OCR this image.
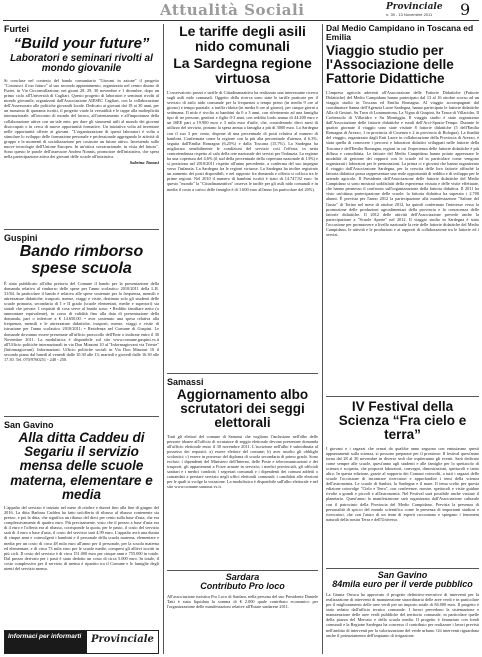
Attualità Sociali	Provinciale
n. 39 - 13 Novembre 2011 9
Furtei
“Build your future”
Laboratori e seminari rivolti al mondo giovanile
Si concluse nel contesto del bando comunitario "Giovani in azione" il progetto "Costruisci il tuo futuro" al suo secondo appuntamento, organizzato nel centro diurno di Furtei, in Via Circonvallazione, nei giorni 28, 29, 30 novembre e 1 dicembre, dopo un primo ciclo all'Università di Cagliari. Questo progetto di laboratori e seminari rivolti al mondo giovanile, organizzati dall'Associazione AIESEC Cagliari, con la collaborazione dell'Assessorato alle politiche giovanili locale. Dedicato ai giovani dai 18 ai 30 anni, per un massimo di quaranta iscritti, il progetto vuole la versatilità e le tappe alla molteplicità internazionale, all'incontro di mondo del lavoro, all'orientamento e all'importanza della collaborazione attiva con un tale ente, per dare gli strumenti utili al mondo dei giovani disoccupati o in cerca di nuove opportunità formative. Un iniziativa volta ad inventare nelle opportunità offerte ai giovani. "L'organizzazione di questi laboratori è volta a stimolare lo sviluppo delle formazione personale e professionale aggregando le attività di gruppo e la momenti di socializzazione per costruire un futuro attivo. Investendo sulle nuove tecnologie dell'Unione Europea. In un'ottica sovrarazionale, in vista del futuro". Sono questo le parole dell'assessore Andrea Nonnis, promotore dell'iniziativa, che spera nella partecipazione attiva dei giovani delle scuole all'iniziativa.
Sabrina Tomasi
Guspini
Bando rimborso spese scuola
È stato pubblicato all'albo pretorio del Comune il bando per la presentazione della domanda relativa al rimborso delle spese per l'anno scolastico 2010/2011 della L.R. 31/84. In particolare il bando è relativo alle spese sostenute per la frequenza, mensili e attrezzature didattiche, trasporti, mense, viaggi e visite, destinato solo gli studenti delle scuole primaria, secondaria di I e II grado (scuole elementari, medie e superiori) sia statali che private. I requisiti di cosa serve al bando sono: • Reddito familiare netto (o ammontare equivalente), in corso di validità fino alla data di presentazione della domanda, pari o inferiore a € 14.650,00. • aver sostenuto una spesa relativa alla frequenza, mensili e le attrezzature didattiche, trasporti, mense, viaggi e visite di istruzione per l'anno scolastico 2010/2011; • Residenza nel Comune di Guspini. Le domande dovranno essere presentate all'ufficio protocollo dell'Ente o inoltrate entro il 30 Novembre 2011. La modulistica è disponibile sul sito www.comune.guspini.vs.it all'Ufficio politiche internazionali in via Don Minzoni 10 al "Informagiovani via Trieste" (Informagiovani). Informazioni: Ufficio politiche sociali in Via Don Minzoni 10 il secondo piano dal lunedì al venerdì dalle 10.30 alle 13; martedì e giovedì dalle 16.30 alle 17.30. Tel. 070/9760251 - 248 - 250.
San Gavino
Alla ditta Caddeu di Segariu il servizio mensa delle scuole materna, elementare e media
L'appalto del servizio è iniziato nel mese di ottobre e durerà fino alla fine di giugno del 2016. La ditta Barbara Caddeu ha fatto un'offerta di ribasso al ribasso contenente sia prezzo, e poi la ditta, che significa un ribasso del dieci per cento sulla base d'asta, che era complessivamente di quattro euro. Più precisamente, visto che il prezzo a base d'asta era di 4 euro e l'offerta era al ribasso, corrisponde la quota, per le pasto, il costo del servizio sarà di 4 euro a base d'asta, il costo del servizio sarà 4,99 euro. L'appalto avrà una durata di cinque anni e coinvolgerà i bambini e il personale della scuola materna, elementare e media per un costo di circa 48 mila euro all'anno per il personale, per la scuola materna ed elementare, e di circa 73 mila euro per le scuole medie, compresi gli allievi iscritti in più cicli. Il costo del servizio è di circa 151.000 euro per cinque anni e 755.000 in totale. Dal prezzo derivato per i pasti è stato dedotto un costo di circa 5.000 euro. In totale, il costo complessivo per il servizio di mensa è ripartito tra il Comune e le famiglie degli utenti del servizio mensa.
Informaci per informarti Provinciale
Le tariffe degli asili nido comunali
La Sardegna regione virtuosa
L'osservatorio prezzi e tariffe di Cittadinanzattiva ha realizzato una interessante ricerca sugli asili nido comunali. Oggetto della ricerca sono state le tariffe praticate per il servizio di asilo nido comunale per la frequenza a tempo pieno (in media 9 ore al giorno) e tempo parziale, a tariffa ridotta (in media 6 ore al giorno), per cinque giorni a settimana. Il nido è rivolto ai bambini da 0 a 3 anni, con riferimento ad una famiglia tipo di tre persone, genitori e figlio 0-3 anni, con reddito lordo annuo di 44.200 euro e un ISEE pari a 19.900 euro e 3 mila euro d'utile, che, considerando dieci mesi di utilizzo del servizio, portano la spesa annua a famiglia a più di 3000 euro. La Sardegna con il suo 3 per cento, dispone di una percentuale di posti relativa al numero di bambini. Confermata come la regione con la più alta percentuale d'utenza, il 6,3%, seguita dall'Emilia Romagna (6,25%) e dalla Toscana (15,7%). La Sardegna ha migliorato sensibilmente le condizioni del servizio così l'offerta, in netta controtendenza rispetto al calo della rete nazionale dei servizi per l'infanzia. La regione ha una copertura del 4,6% (il sud della percentuale della copertura nazionale di 13%) e si posiziona nel 2010/2011 rispetto all'anno precedente, a conferma del suo impegno verso l'infanzia. La Sardegna fra le regioni virtuose. La Sardegna ha inoltre registrato un aumento dei posti disponibili, e nel rapporto fra domanda e offerta si colloca tra le prime regioni. Nel 2010 il numero di bambini iscritti è stato di 14.747,92 euro. In questo "mondo" la "Cittadinanzattiva" osserva le tariffe per gli asili nido comunali e in media il costo a carico delle famiglie è di 1.600 euro all'anno (in particolare del 20%).
Samassi
Aggiornamento albo scrutatori dei seggi elettorali
Tutti gli elettori del comune di Samassi che vogliono l'inclusione nell'albo delle persone idonee all'ufficio di scrutatore di seggio elettorale devono presentare domanda all'ufficio elettorale entro il 30 novembre 2011. L'iscrizione nell'albo è subordinata al possesso dei requisiti: a) essere elettore del comune; b) aver assolto gli obblighi scolastici; c) essere in possesso del diploma di scuola secondaria di primo grado. Sono esclusi: i dipendenti del Ministero dell'Interno, delle Poste e telecomunicazioni e dei trasporti; gli appartenenti a Forze armate in servizio; i medici provinciali, gli ufficiali sanitari e i medici condotti; i segretari comunali e i dipendenti dei comuni addetti o comandati a prestare servizio negli uffici elettorali comunali; i candidati alle elezioni per le quali si svolge la votazione. La modulistica è disponibile sull'albo elettorale e nel sito www.comune.samassi.vs.it.
Sardara
Contributo Pro loco
All'associazione turistica Pro Loco di Sardara, nella persona del suo Presidente Daniele Tatti è stata liquidata la somma di € 2.000 quale contributo economico per l'organizzazione delle manifestazioni relative all'Estate sardarese 2011.
Dal Medio Campidano in Toscana ed Emilia
Viaggio studio per l'Associazione delle Fattorie Didattiche
L'impresa agricola aderenti all'Associazione delle Fattorie Didattiche (Fattorie Didattiche) del Medio Campidano hanno partecipato dal 13 al 16 ottobre scorso ad un viaggio studio in Toscana ed Emilia Romagna. Al viaggio accompagnati dal coordinatore Sanna dell'Agenzia Laore Sardegna, hanno partecipato le fattorie didattiche Alla di Gesturi, Su Tuvu di Lunamatrona, La Vigna di Guspini, Sa Tanca di Villacidro, Il Corbezzolo di Villacidro e Su Montiggiu. Il viaggio studio è stato organizzato dall'Associazione delle fattorie didattiche e rurali dell'Arci-Spazio-Tempo. Durante le quattro giornate il viaggio sono state visitate 8 fattorie didattiche (5 dell'Emilia Romagna di Arezzo, 1 in provincia di Cosenza e 2 in provincia di Bologna). La finalità del viaggio, organizzato dagli Enti Laore in collaborazione della Provincia di Arezzo, è stata quella di conoscere i percorsi e laboratori didattici sviluppati nelle fattorie della Toscana e dell'Emilia Romagna, regioni in cui l'esperienza delle fattorie didattiche è più diffusa e consolidata. Le fattorie del Medio Campidano hanno potuto apprezzare le modalità di gestione dei rapporti con le scuole ed in particolare come vengono organizzati i laboratori per le prenotazioni. La prima ci e giovani che hanno organizzato il viaggio dall'Associazione Sardegna, per la crescita delle loro fattorie affinché la fattoria didattica possa rappresentare una reale opportunità di reddito e di sviluppo per le aziende agricole. Il Presidente dell'Associazione delle fattorie didattiche del Medio Campidano si sono mostrati soddisfatti della esperienza vissuta e delle visite effettuate, che hanno permesso il confronto sull'organizzazione della fattoria didattica. Il 2011 ha visto un'ottima partecipazione delle scuole: la fattoria didattica ha superato i 2.700 alunni. È prevista per l'anno 2012 la partecipazione alla manifestazione "Salone del Gusto" di Torino nel mese di ottobre 2012, ha quindi confermato l'interesse verso la promozione delle produzioni agroalimentari della provincia e la conoscenza delle fattorie didattiche. Il 2012 delle attività dell'Associazione prevede anche la partecipazione a "Scuole Aperte" nel 2012. Il viaggio studio in Sardegna è stato l'occasione per promuovere a livello nazionale la rete delle fattorie didattiche del Medio Campidano, le attività e le produzioni e ai rapporti di collaborazione tra le fattorie ed i servizi.
IV Festival della Scienza “Fra cielo e terra”
I giovani e i ragazzi che ormai da qualche anno seguono con entusiasmo questi appuntamenti sulla scienza, si possono preparare per il prossimo: Il festival quest'anno torna dal 28 al 30 novembre in diverse sedi che ospiteranno gli eventi. Sarà dedicato come sempre alle scuole, quest'anno agli studenti e alle famiglie per lo spettacolo di scienza e scoperta, che proporrà laboratori, convegni, dimostrazioni, spettacoli e tanto altro. In questa edizione, grazie al supporto dei Comuni coinvolti, a tutti i ragazzi delle scuole l'occasione di incontrare ricercatori e approfondire i temi della scienza dell'astronomia. Le scuole di Sanluri, la Sardegna e il mare. Il tema scelto per questa edizione coinvolge "Cielo e Terra", con conferenze, mostre, spettacoli e visite guidate rivolte a grandi e piccoli e all'astronomia. Nel Festival sarà possibile anche visitare il planetario. Quest'anno la manifestazione sarà organizzata dall'Associazione culturale con il patrocinio della Provincia del Medio Campidano. Prevista la presenza di personalità di spicco del mondo scientifico come la presenza di importanti studiosi e ricercatori, che con l'aiuto di un team di esperti raccontano e spiegano i fenomeni naturali della nostra Terra e dell'Universo.
San Gavino
84mila euro per il verde pubblico
La Giunta Orrucu ha approvato il progetto definitivo-esecutivo di interventi per la realizzazione di interventi di manutenzione straordinaria delle aree verdi e in particolare per il miglioramento delle aree verdi per un importo totale di 84.000 euro. Il progetto è stato redatto dall'ufficio tecnico comunale. I lavori prevedono la sistemazione e manutenzione delle aree verdi pubbliche del territorio comunale, in particolare quelle della piazza del Mercato e della scuola media. Il progetto è finanziato con fondi comunali e la Regione Sardegna ha concesso il contributo per realizzare i lavori previsti nell'ambito di interventi per la valorizzazione del verde urbano. Gli interventi riguardano anche il potenziamento dell'impianto di irrigazione.
